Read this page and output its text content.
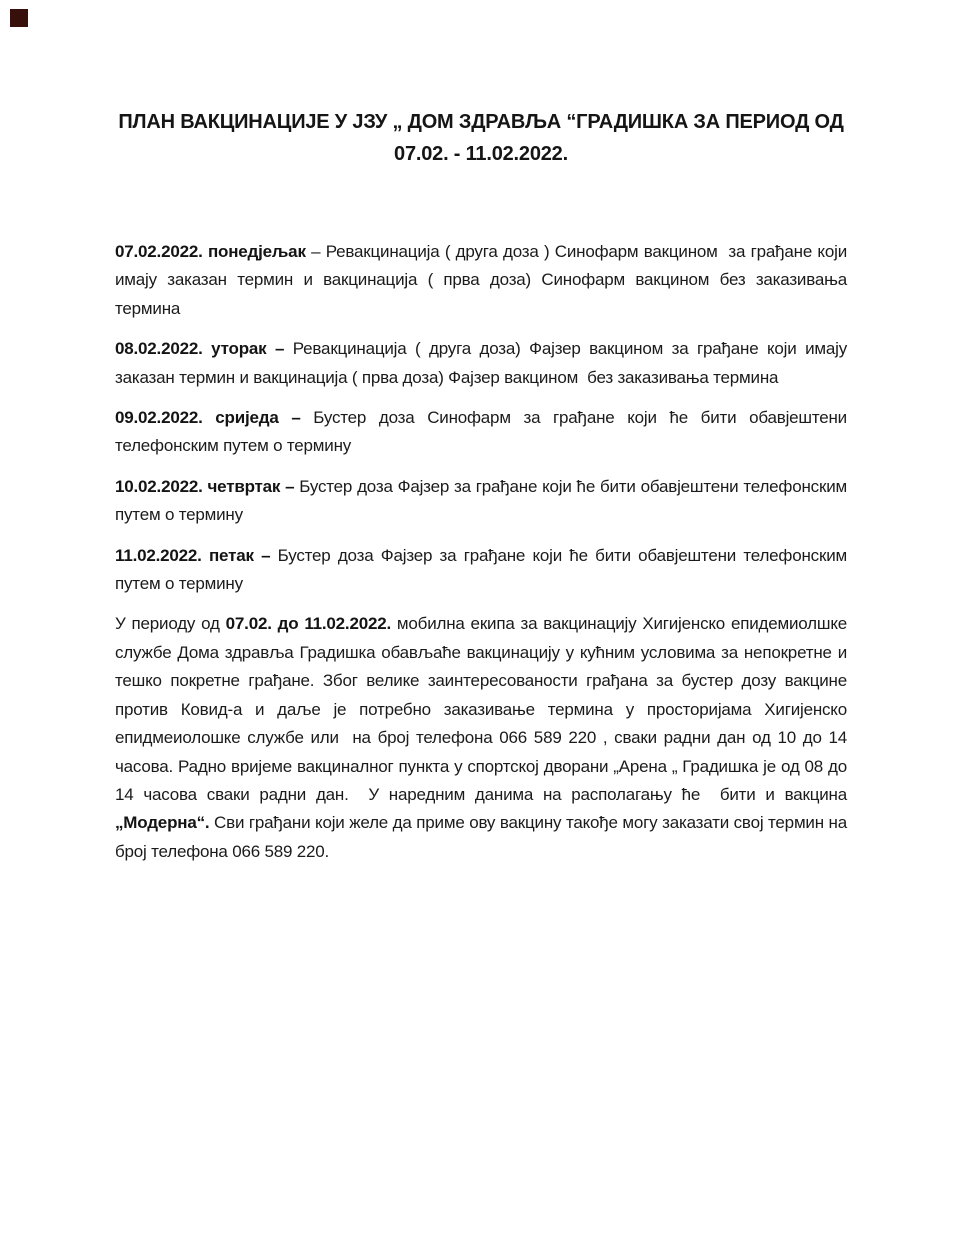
ПЛАН ВАКЦИНАЦИЈЕ У ЈЗУ „ ДОМ ЗДРАВЉА “ГРАДИШКА ЗА ПЕРИОД ОД
07.02. - 11.02.2022.

07.02.2022. понедјељак – Ревакцинација ( друга доза ) Синофарм вакцином  за грађане који имају заказан термин и вакцинација ( прва доза) Синофарм вакцином без заказивања термина

08.02.2022. уторак – Ревакцинација ( друга доза) Фајзер вакцином за грађане који имају заказан термин и вакцинација ( прва доза) Фајзер вакцином  без заказивања термина

09.02.2022. сриједа – Бустер доза Синофарм за грађане који ће бити обавјештени телефонским путем о термину

10.02.2022. четвртак – Бустер доза Фајзер за грађане који ће бити обавјештени телефонским путем о термину

11.02.2022. петак – Бустер доза Фајзер за грађане који ће бити обавјештени телефонским путем о термину

У периоду од 07.02. до 11.02.2022. мобилна екипа за вакцинацију Хигијенско епидемиолшке службе Дома здравља Градишка обављаће вакцинацију у кућним условима за непокретне и тешко покретне грађане. Због велике заинтересованости грађана за бустер дозу вакцине против Ковид-а и даље је потребно заказивање термина у просторијама Хигијенско епидмеиолошке службе или  на број телефона 066 589 220 , сваки радни дан од 10 до 14 часова. Радно вријеме вакциналног пункта у спортској дворани „Арена „ Градишка је од 08 до 14 часова сваки радни дан.  У наредним данима на располагању ће  бити и вакцина „Модерна“. Сви грађани који желе да приме ову вакцину такође могу заказати свој термин на број телефона 066 589 220.
